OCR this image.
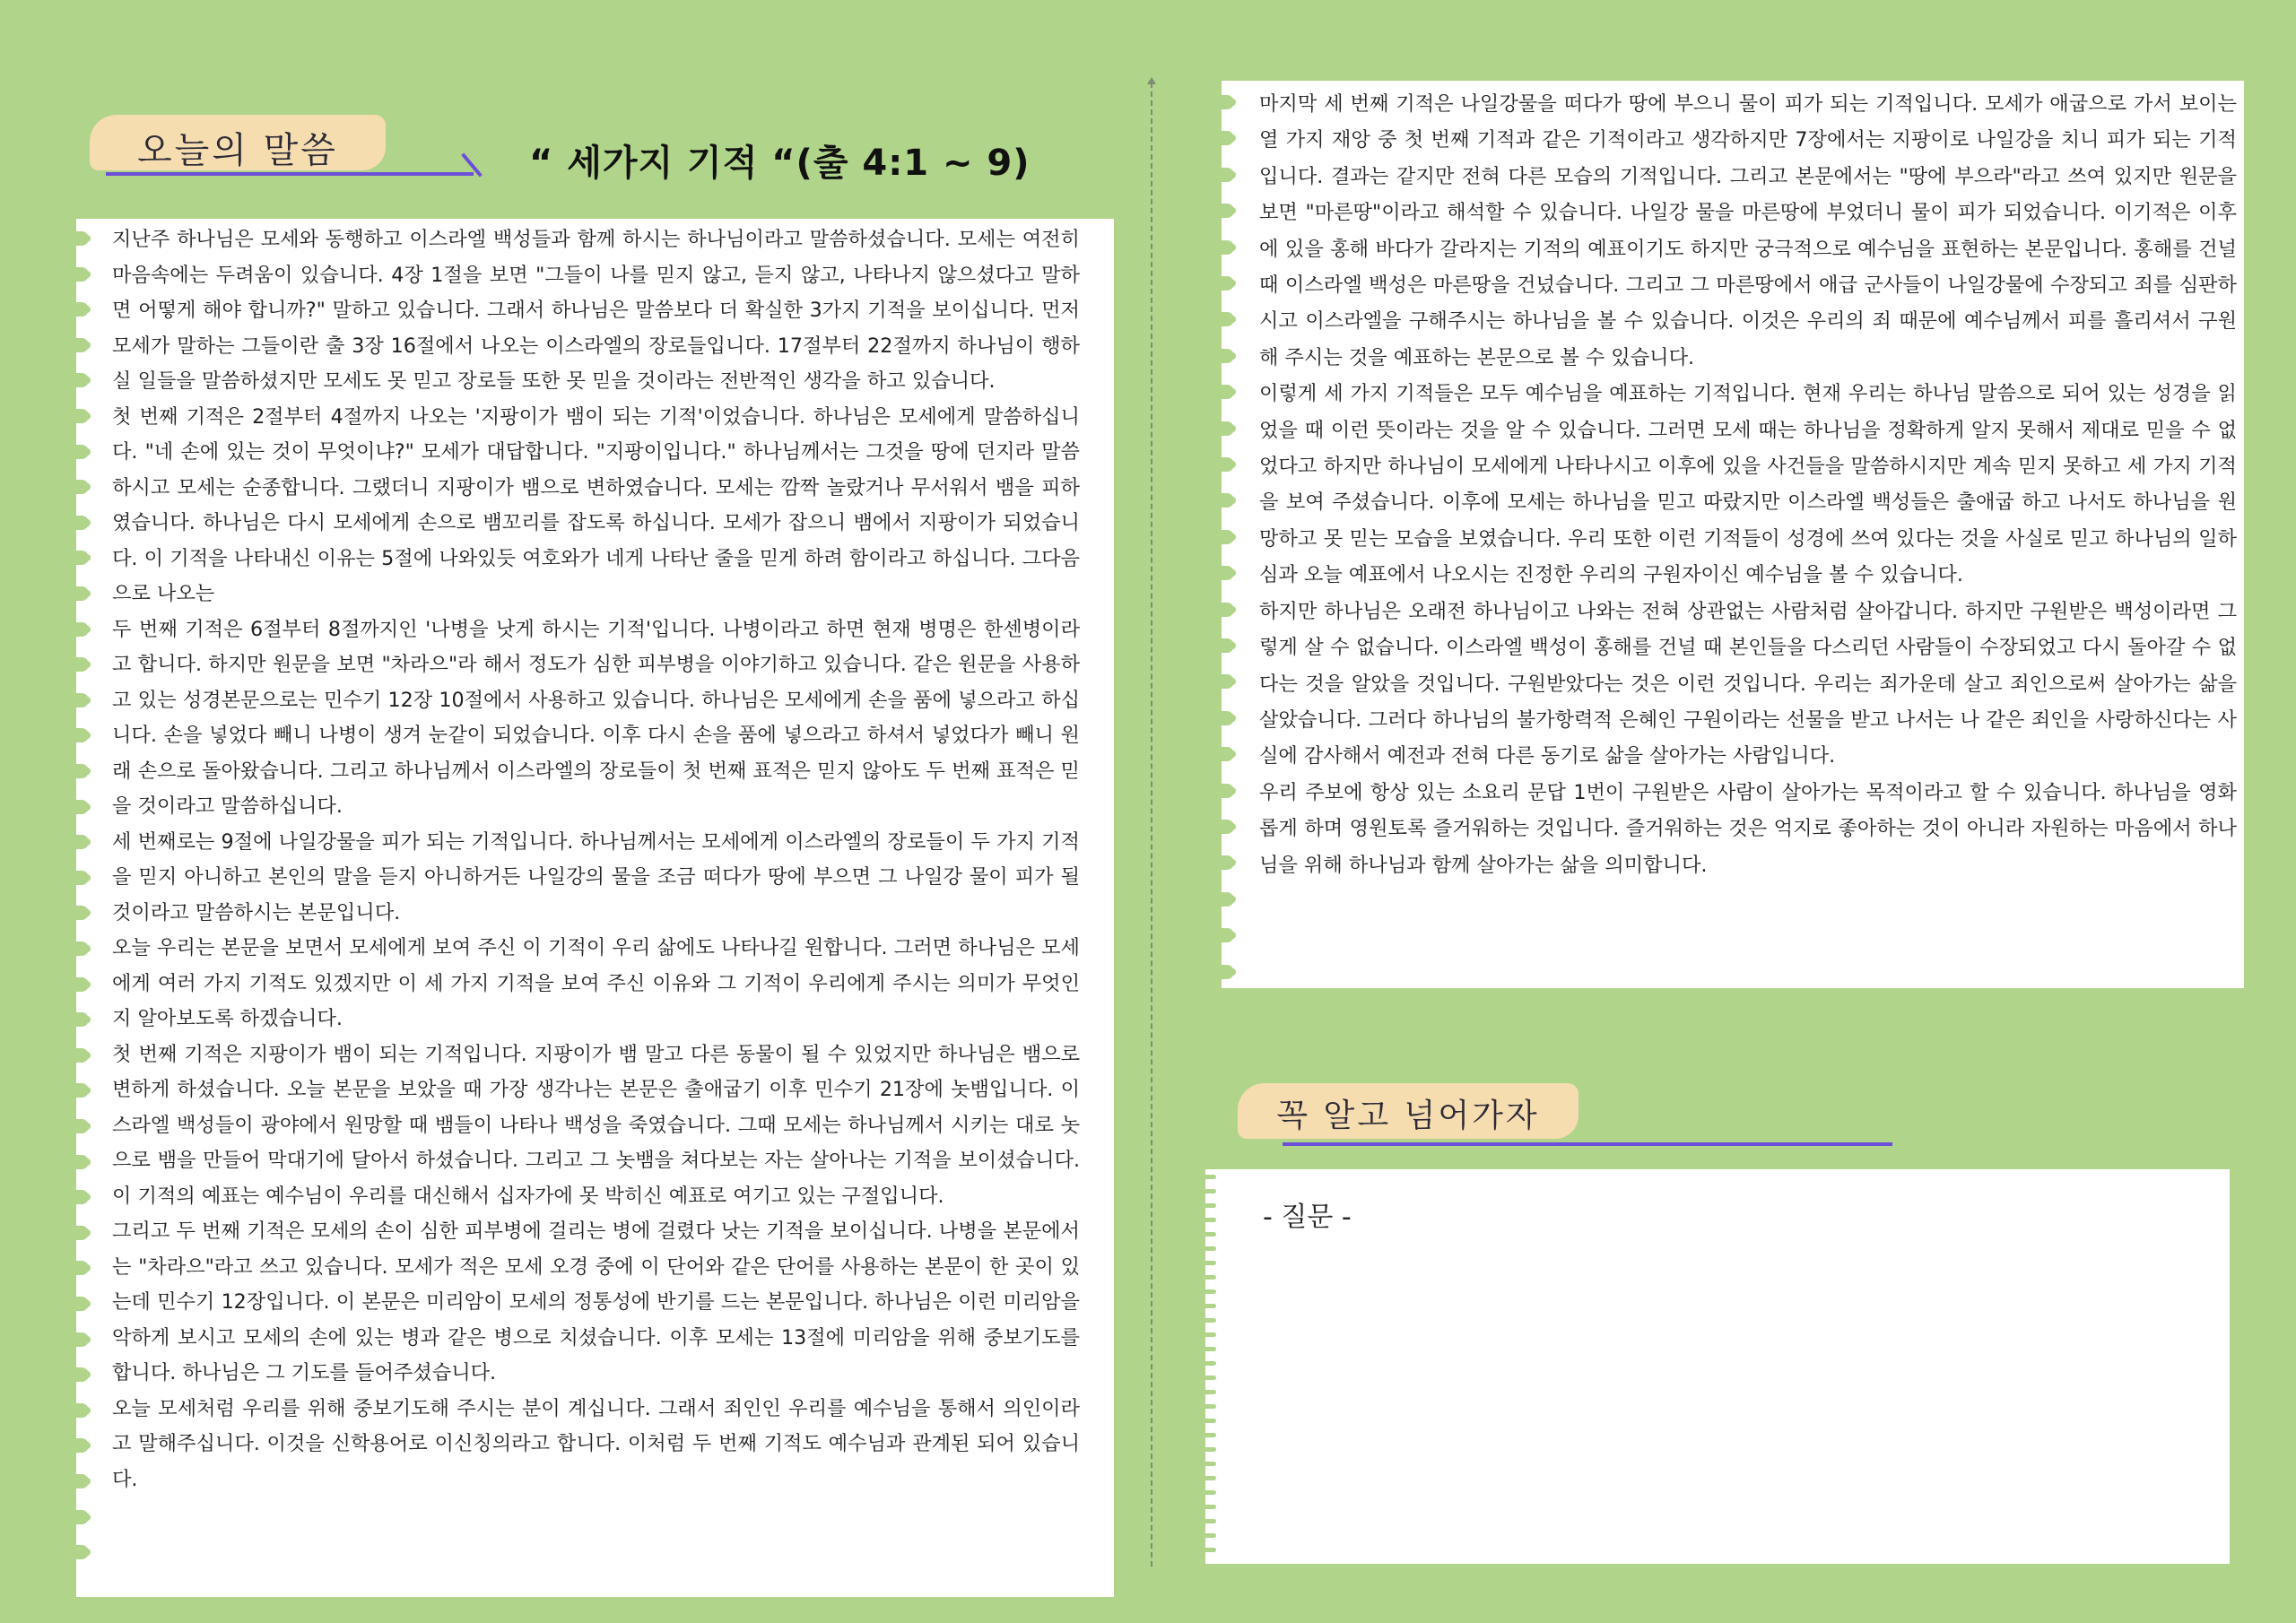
오늘의 말씀	“ 세가지 기적 “(출 4:1 ~ 9)

지난주 하나님은 모세와 동행하고 이스라엘 백성들과 함께 하시는 하나님이라고 말씀하셨습니다. 모세는 여전히 마음속에는 두려움이 있습니다. 4장 1절을 보면 "그들이 나를 믿지 않고, 듣지 않고, 나타나지 않으셨다고 말하면 어떻게 해야 합니까?" 말하고 있습니다. 그래서 하나님은 말씀보다 더 확실한 3가지 기적을 보이십니다. 먼저 모세가 말하는 그들이란 출 3장 16절에서 나오는 이스라엘의 장로들입니다. 17절부터 22절까지 하나님이 행하실 일들을 말씀하셨지만 모세도 못 믿고 장로들 또한 못 믿을 것이라는 전반적인 생각을 하고 있습니다.

첫 번째 기적은 2절부터 4절까지 나오는 '지팡이가 뱀이 되는 기적'이었습니다. 하나님은 모세에게 말씀하십니다. "네 손에 있는 것이 무엇이냐?" 모세가 대답합니다. "지팡이입니다." 하나님께서는 그것을 땅에 던지라 말씀하시고 모세는 순종합니다. 그랬더니 지팡이가 뱀으로 변하였습니다. 모세는 깜짝 놀랐거나 무서워서 뱀을 피하였습니다. 하나님은 다시 모세에게 손으로 뱀꼬리를 잡도록 하십니다. 모세가 잡으니 뱀에서 지팡이가 되었습니다. 이 기적을 나타내신 이유는 5절에 나와있듯 여호와가 네게 나타난 줄을 믿게 하려 함이라고 하십니다. 그다음으로 나오는

두 번째 기적은 6절부터 8절까지인 '나병을 낫게 하시는 기적'입니다. 나병이라고 하면 현재 병명은 한센병이라고 합니다. 하지만 원문을 보면 "차라으"라 해서 정도가 심한 피부병을 이야기하고 있습니다. 같은 원문을 사용하고 있는 성경본문으로는 민수기 12장 10절에서 사용하고 있습니다. 하나님은 모세에게 손을 품에 넣으라고 하십니다. 손을 넣었다 빼니 나병이 생겨 눈같이 되었습니다. 이후 다시 손을 품에 넣으라고 하셔서 넣었다가 빼니 원래 손으로 돌아왔습니다. 그리고 하나님께서 이스라엘의 장로들이 첫 번째 표적은 믿지 않아도 두 번째 표적은 믿을 것이라고 말씀하십니다.

세 번째로는 9절에 나일강물을 피가 되는 기적입니다. 하나님께서는 모세에게 이스라엘의 장로들이 두 가지 기적을 믿지 아니하고 본인의 말을 듣지 아니하거든 나일강의 물을 조금 떠다가 땅에 부으면 그 나일강 물이 피가 될 것이라고 말씀하시는 본문입니다.

오늘 우리는 본문을 보면서 모세에게 보여 주신 이 기적이 우리 삶에도 나타나길 원합니다. 그러면 하나님은 모세에게 여러 가지 기적도 있겠지만 이 세 가지 기적을 보여 주신 이유와 그 기적이 우리에게 주시는 의미가 무엇인지 알아보도록 하겠습니다.

첫 번째 기적은 지팡이가 뱀이 되는 기적입니다. 지팡이가 뱀 말고 다른 동물이 될 수 있었지만 하나님은 뱀으로 변하게 하셨습니다. 오늘 본문을 보았을 때 가장 생각나는 본문은 출애굽기 이후 민수기 21장에 놋뱀입니다. 이스라엘 백성들이 광야에서 원망할 때 뱀들이 나타나 백성을 죽였습니다. 그때 모세는 하나님께서 시키는 대로 놋으로 뱀을 만들어 막대기에 달아서 하셨습니다. 그리고 그 놋뱀을 쳐다보는 자는 살아나는 기적을 보이셨습니다. 이 기적의 예표는 예수님이 우리를 대신해서 십자가에 못 박히신 예표로 여기고 있는 구절입니다.

그리고 두 번째 기적은 모세의 손이 심한 피부병에 걸리는 병에 걸렸다 낫는 기적을 보이십니다. 나병을 본문에서는 "차라으"라고 쓰고 있습니다. 모세가 적은 모세 오경 중에 이 단어와 같은 단어를 사용하는 본문이 한 곳이 있는데 민수기 12장입니다. 이 본문은 미리암이 모세의 정통성에 반기를 드는 본문입니다. 하나님은 이런 미리암을 악하게 보시고 모세의 손에 있는 병과 같은 병으로 치셨습니다. 이후 모세는 13절에 미리암을 위해 중보기도를 합니다. 하나님은 그 기도를 들어주셨습니다.

오늘 모세처럼 우리를 위해 중보기도해 주시는 분이 계십니다. 그래서 죄인인 우리를 예수님을 통해서 의인이라고 말해주십니다. 이것을 신학용어로 이신칭의라고 합니다. 이처럼 두 번째 기적도 예수님과 관계된 되어 있습니다.

마지막 세 번째 기적은 나일강물을 떠다가 땅에 부으니 물이 피가 되는 기적입니다. 모세가 애굽으로 가서 보이는 열 가지 재앙 중 첫 번째 기적과 같은 기적이라고 생각하지만 7장에서는 지팡이로 나일강을 치니 피가 되는 기적입니다. 결과는 같지만 전혀 다른 모습의 기적입니다. 그리고 본문에서는 "땅에 부으라"라고 쓰여 있지만 원문을 보면 "마른땅"이라고 해석할 수 있습니다. 나일강 물을 마른땅에 부었더니 물이 피가 되었습니다. 이기적은 이후에 있을 홍해 바다가 갈라지는 기적의 예표이기도 하지만 궁극적으로 예수님을 표현하는 본문입니다. 홍해를 건널 때 이스라엘 백성은 마른땅을 건넜습니다. 그리고 그 마른땅에서 애급 군사들이 나일강물에 수장되고 죄를 심판하시고 이스라엘을 구해주시는 하나님을 볼 수 있습니다. 이것은 우리의 죄 때문에 예수님께서 피를 흘리셔서 구원해 주시는 것을 예표하는 본문으로 볼 수 있습니다.

이렇게 세 가지 기적들은 모두 예수님을 예표하는 기적입니다. 현재 우리는 하나님 말씀으로 되어 있는 성경을 읽었을 때 이런 뜻이라는 것을 알 수 있습니다. 그러면 모세 때는 하나님을 정확하게 알지 못해서 제대로 믿을 수 없었다고 하지만 하나님이 모세에게 나타나시고 이후에 있을 사건들을 말씀하시지만 계속 믿지 못하고 세 가지 기적을 보여 주셨습니다. 이후에 모세는 하나님을 믿고 따랐지만 이스라엘 백성들은 출애굽 하고 나서도 하나님을 원망하고 못 믿는 모습을 보였습니다. 우리 또한 이런 기적들이 성경에 쓰여 있다는 것을 사실로 믿고 하나님의 일하심과 오늘 예표에서 나오시는 진정한 우리의 구원자이신 예수님을 볼 수 있습니다.

하지만 하나님은 오래전 하나님이고 나와는 전혀 상관없는 사람처럼 살아갑니다. 하지만 구원받은 백성이라면 그렇게 살 수 없습니다. 이스라엘 백성이 홍해를 건널 때 본인들을 다스리던 사람들이 수장되었고 다시 돌아갈 수 없다는 것을 알았을 것입니다. 구원받았다는 것은 이런 것입니다. 우리는 죄가운데 살고 죄인으로써 살아가는 삶을 살았습니다. 그러다 하나님의 불가항력적 은혜인 구원이라는 선물을 받고 나서는 나 같은 죄인을 사랑하신다는 사실에 감사해서 예전과 전혀 다른 동기로 삶을 살아가는 사람입니다.

우리 주보에 항상 있는 소요리 문답 1번이 구원받은 사람이 살아가는 목적이라고 할 수 있습니다. 하나님을 영화롭게 하며 영원토록 즐거워하는 것입니다. 즐거워하는 것은 억지로 좋아하는 것이 아니라 자원하는 마음에서 하나님을 위해 하나님과 함께 살아가는 삶을 의미합니다.

꼭 알고 넘어가자
- 질문 -
